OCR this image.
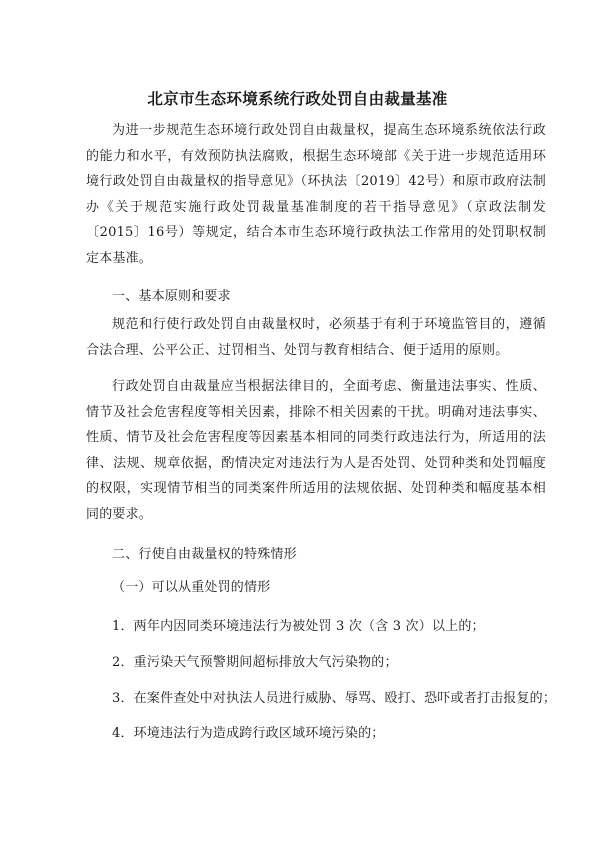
北京市生态环境系统行政处罚自由裁量基准

为进一步规范生态环境行政处罚自由裁量权，提高生态环境系统依法行政的能力和水平，有效预防执法腐败，根据生态环境部《关于进一步规范适用环境行政处罚自由裁量权的指导意见》（环执法〔2019〕42号）和原市政府法制办《关于规范实施行政处罚裁量基准制度的若干指导意见》（京政法制发〔2015〕16号）等规定，结合本市生态环境行政执法工作常用的处罚职权制定本基准。

一、基本原则和要求

规范和行使行政处罚自由裁量权时，必须基于有利于环境监管目的，遵循合法合理、公平公正、过罚相当、处罚与教育相结合、便于适用的原则。

行政处罚自由裁量应当根据法律目的，全面考虑、衡量违法事实、性质、情节及社会危害程度等相关因素，排除不相关因素的干扰。明确对违法事实、性质、情节及社会危害程度等因素基本相同的同类行政违法行为，所适用的法律、法规、规章依据，酌情决定对违法行为人是否处罚、处罚种类和处罚幅度的权限，实现情节相当的同类案件所适用的法规依据、处罚种类和幅度基本相同的要求。

二、行使自由裁量权的特殊情形
（一）可以从重处罚的情形
1．两年内因同类环境违法行为被处罚 3 次（含 3 次）以上的；
2．重污染天气预警期间超标排放大气污染物的；
3．在案件查处中对执法人员进行威胁、辱骂、殴打、恐吓或者打击报复的；
4．环境违法行为造成跨行政区域环境污染的；
